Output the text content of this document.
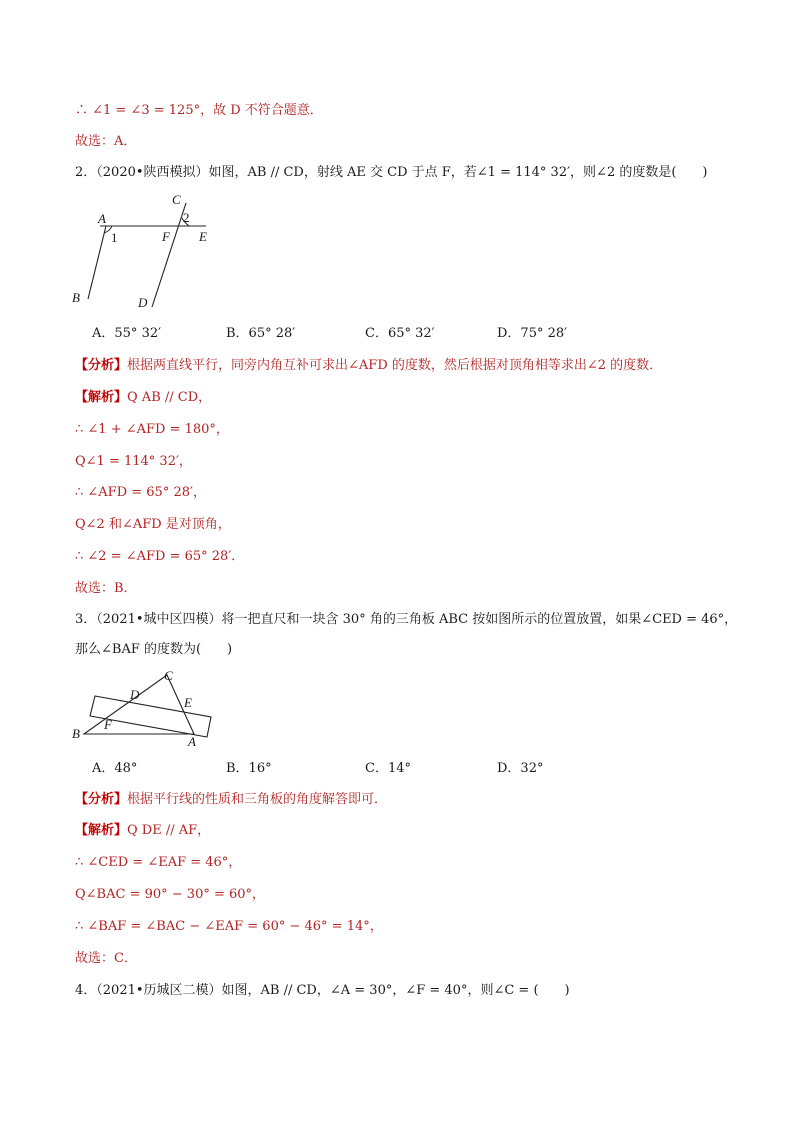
∴ ∠1 = ∠3 = 125°，故 D 不符合题意．
故选：A．
2．（2020•陕西模拟）如图，AB // CD，射线 AE 交 CD 于点 F，若∠1 = 114° 32′，则∠2 的度数是(　　)
A
B
C
D
E
F
1
2
A．55° 32′	B．65° 28′	C．65° 32′	D．75° 28′
【分析】根据两直线平行，同旁内角互补可求出∠AFD 的度数，然后根据对顶角相等求出∠2 的度数．
【解析】Q AB // CD，
∴ ∠1 + ∠AFD = 180°，
Q∠1 = 114° 32′，
∴ ∠AFD = 65° 28′，
Q∠2 和∠AFD 是对顶角，
∴ ∠2 = ∠AFD = 65° 28′．
故选：B．
3．（2021•城中区四模）将一把直尺和一块含 30° 角的三角板 ABC 按如图所示的位置放置，如果∠CED = 46°，
那么∠BAF 的度数为(　　)
A
B
C
D
E
F
A．48°	B．16°	C．14°	D．32°
【分析】根据平行线的性质和三角板的角度解答即可．
【解析】Q DE // AF，
∴ ∠CED = ∠EAF = 46°，
Q∠BAC = 90° − 30° = 60°，
∴ ∠BAF = ∠BAC − ∠EAF = 60° − 46° = 14°，
故选：C．
4．（2021•历城区二模）如图，AB // CD，∠A = 30°，∠F = 40°，则∠C = (　　)
